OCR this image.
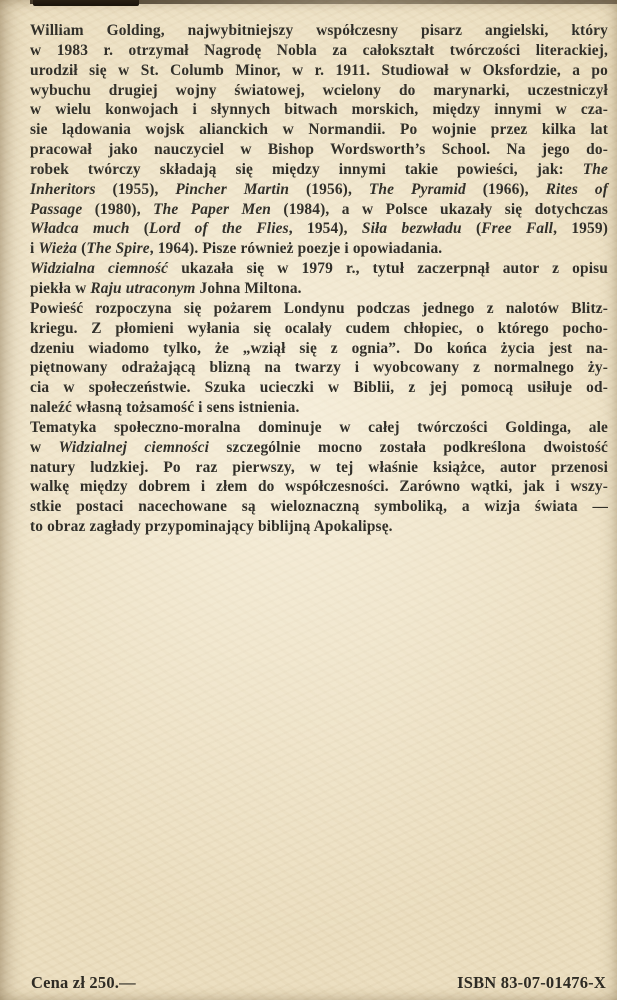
William Golding, najwybitniejszy współczesny pisarz angielski, który
w 1983 r. otrzymał Nagrodę Nobla za całokształt twórczości literackiej,
urodził się w St. Columb Minor, w r. 1911. Studiował w Oksfordzie, a po
wybuchu drugiej wojny światowej, wcielony do marynarki, uczestniczył
w wielu konwojach i słynnych bitwach morskich, między innymi w cza-
sie lądowania wojsk alianckich w Normandii. Po wojnie przez kilka lat
pracował jako nauczyciel w Bishop Wordsworth’s School. Na jego do-
robek twórczy składają się między innymi takie powieści, jak: The
Inheritors (1955), Pincher Martin (1956), The Pyramid (1966), Rites of
Passage (1980), The Paper Men (1984), a w Polsce ukazały się dotychczas
Władca much (Lord of the Flies, 1954), Siła bezwładu (Free Fall, 1959)
i Wieża (The Spire, 1964). Pisze również poezje i opowiadania.
Widzialna ciemność ukazała się w 1979 r., tytuł zaczerpnął autor z opisu
piekła w Raju utraconym Johna Miltona.
Powieść rozpoczyna się pożarem Londynu podczas jednego z nalotów Blitz-
kriegu. Z płomieni wyłania się ocalały cudem chłopiec, o którego pocho-
dzeniu wiadomo tylko, że „wziął się z ognia”. Do końca życia jest na-
piętnowany odrażającą blizną na twarzy i wyobcowany z normalnego ży-
cia w społeczeństwie. Szuka ucieczki w Biblii, z jej pomocą usiłuje od-
naleźć własną tożsamość i sens istnienia.
Tematyka społeczno-moralna dominuje w całej twórczości Goldinga, ale
w Widzialnej ciemności szczególnie mocno została podkreślona dwoistość
natury ludzkiej. Po raz pierwszy, w tej właśnie książce, autor przenosi
walkę między dobrem i złem do współczesności. Zarówno wątki, jak i wszy-
stkie postaci nacechowane są wieloznaczną symboliką, a wizja świata —
to obraz zagłady przypominający biblijną Apokalipsę.
Cena zł 250.—	ISBN 83-07-01476-X
